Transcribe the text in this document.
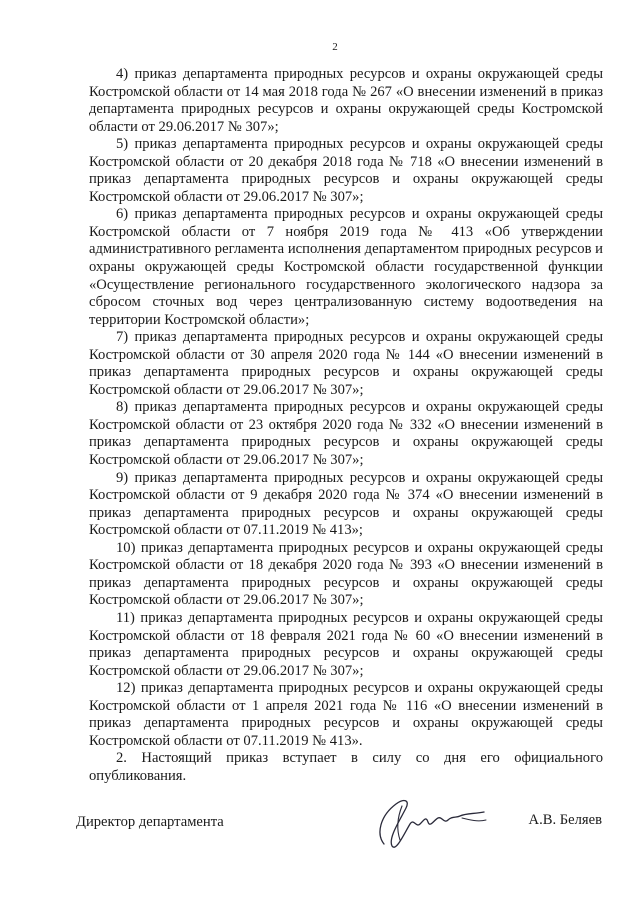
2

4) приказ департамента природных ресурсов и охраны окружающей среды Костромской области от 14 мая 2018 года № 267 «О внесении изменений в приказ департамента природных ресурсов и охраны окружающей среды Костромской области от 29.06.2017 № 307»;

5) приказ департамента природных ресурсов и охраны окружающей среды Костромской области от 20 декабря 2018 года № 718 «О внесении изменений в приказ департамента природных ресурсов и охраны окружающей среды Костромской области от 29.06.2017 № 307»;

6) приказ департамента природных ресурсов и охраны окружающей среды Костромской области от 7 ноября 2019 года № 413 «Об утверждении административного регламента исполнения департаментом природных ресурсов и охраны окружающей среды Костромской области государственной функции «Осуществление регионального государственного экологического надзора за сбросом сточных вод через централизованную систему водоотведения на территории Костромской области»;

7) приказ департамента природных ресурсов и охраны окружающей среды Костромской области от 30 апреля 2020 года № 144 «О внесении изменений в приказ департамента природных ресурсов и охраны окружающей среды Костромской области от 29.06.2017 № 307»;

8) приказ департамента природных ресурсов и охраны окружающей среды Костромской области от 23 октября 2020 года № 332 «О внесении изменений в приказ департамента природных ресурсов и охраны окружающей среды Костромской области от 29.06.2017 № 307»;

9) приказ департамента природных ресурсов и охраны окружающей среды Костромской области от 9 декабря 2020 года № 374 «О внесении изменений в приказ департамента природных ресурсов и охраны окружающей среды Костромской области от 07.11.2019 № 413»;

10) приказ департамента природных ресурсов и охраны окружающей среды Костромской области от 18 декабря 2020 года № 393 «О внесении изменений в приказ департамента природных ресурсов и охраны окружающей среды Костромской области от 29.06.2017 № 307»;

11) приказ департамента природных ресурсов и охраны окружающей среды Костромской области от 18 февраля 2021 года № 60 «О внесении изменений в приказ департамента природных ресурсов и охраны окружающей среды Костромской области от 29.06.2017 № 307»;

12) приказ департамента природных ресурсов и охраны окружающей среды Костромской области от 1 апреля 2021 года № 116 «О внесении изменений в приказ департамента природных ресурсов и охраны окружающей среды Костромской области от 07.11.2019 № 413».

2. Настоящий приказ вступает в силу со дня его официального опубликования.

Директор департамента	А.В. Беляев
